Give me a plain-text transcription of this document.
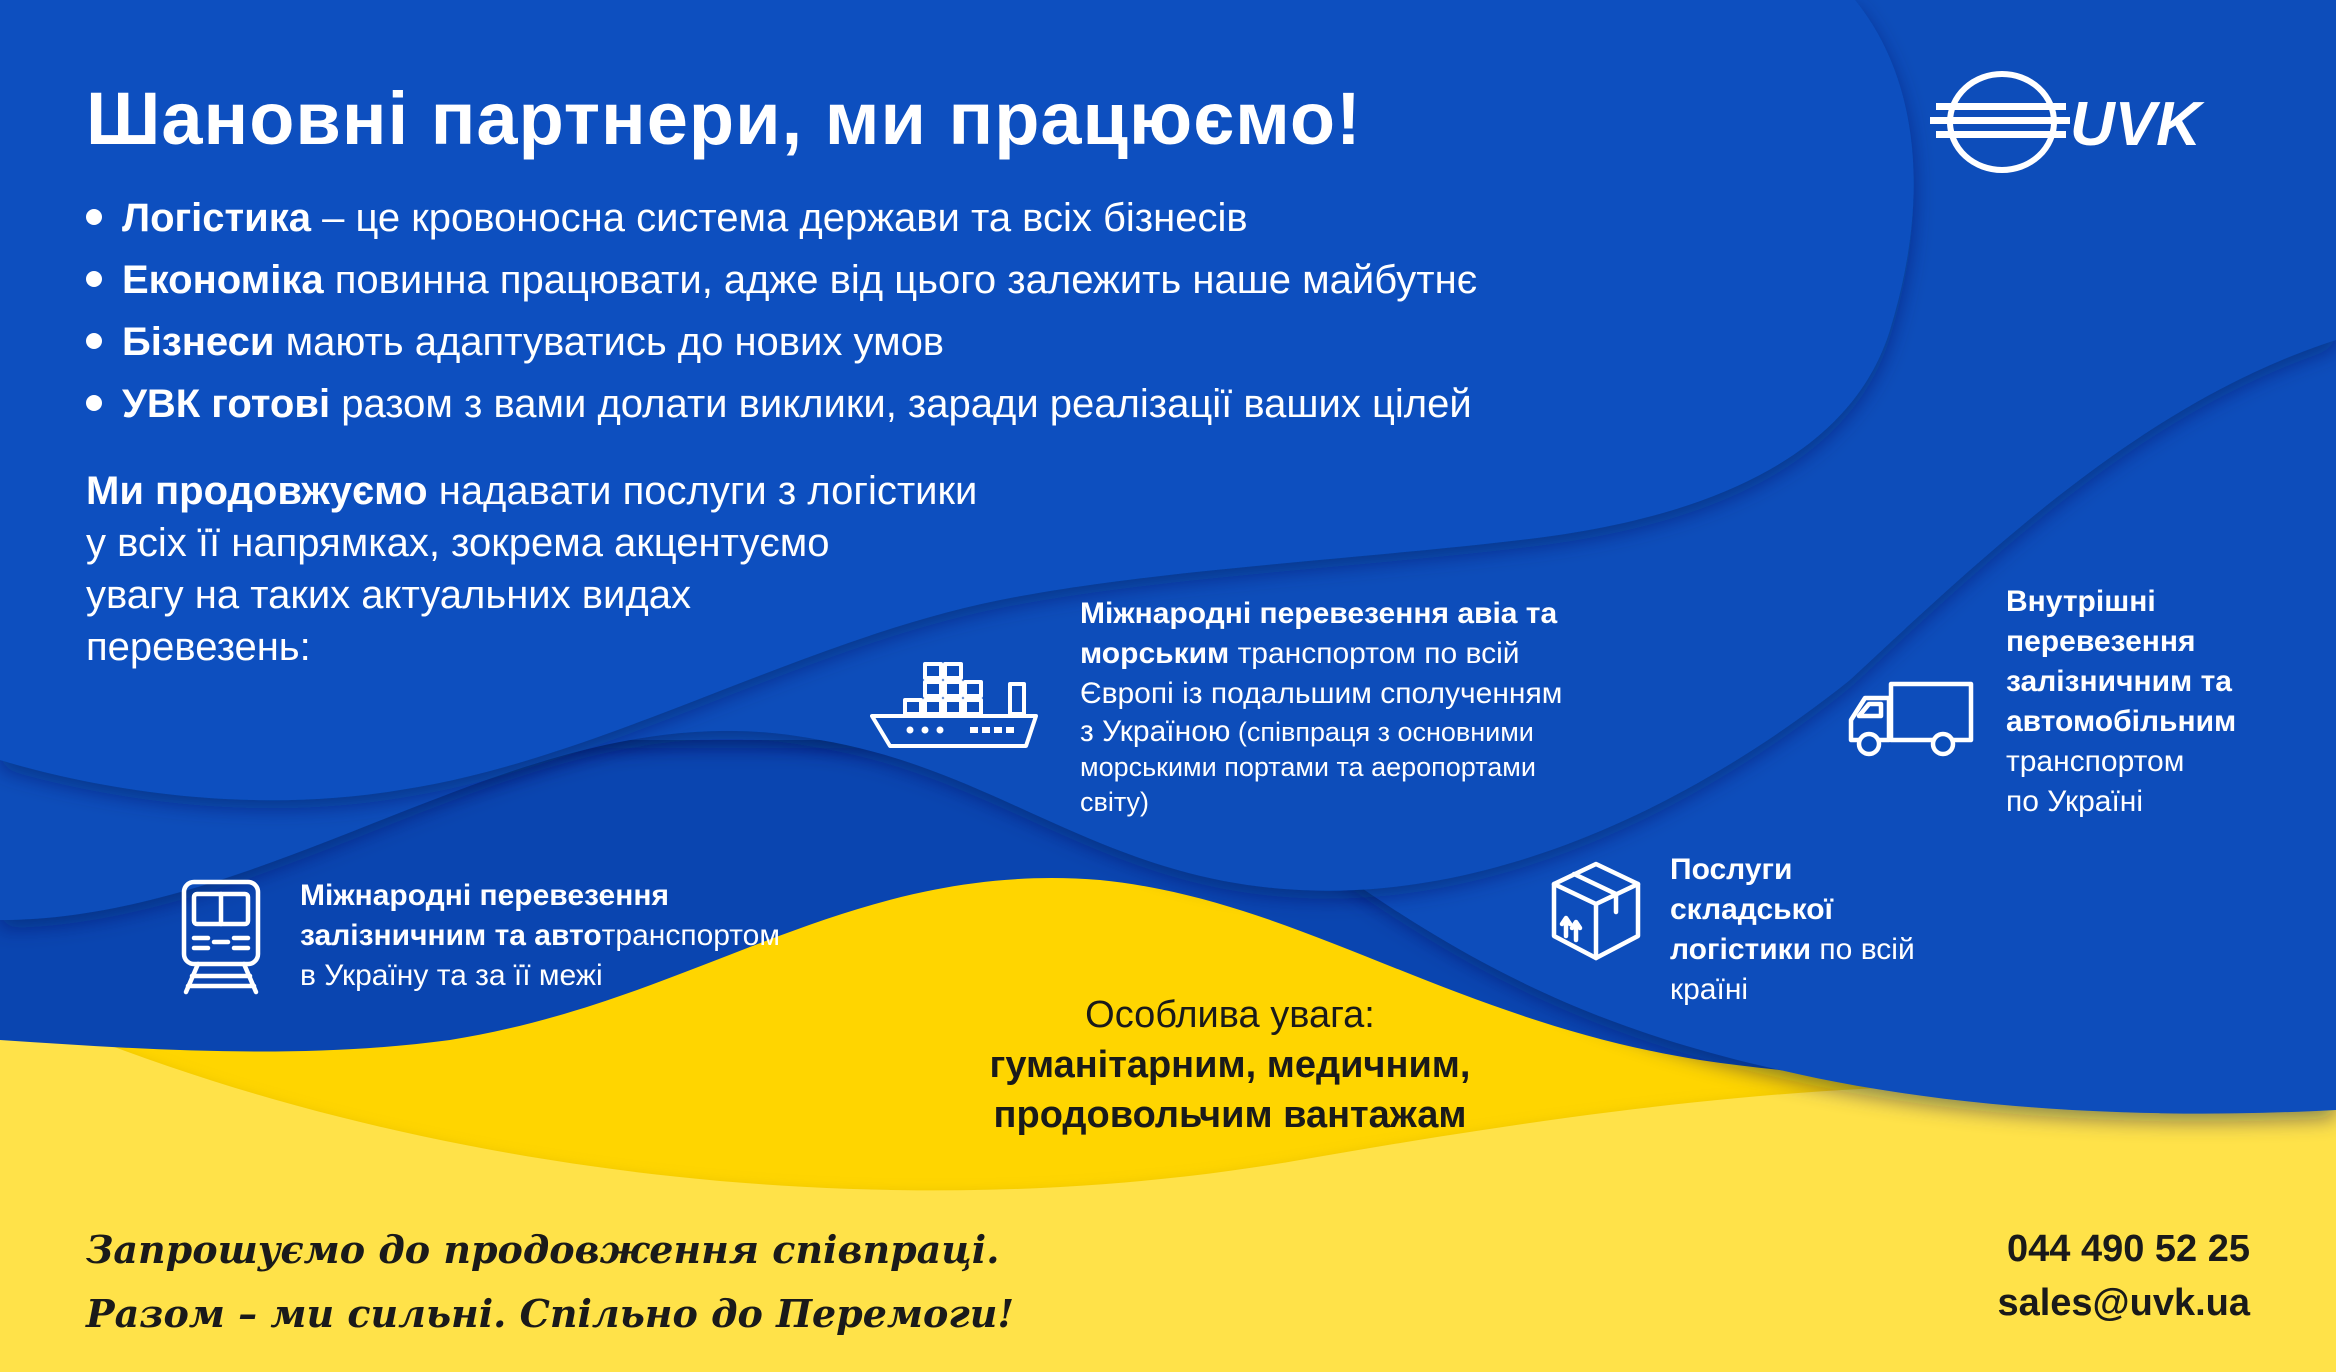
UVK
Шановні партнери, ми працюємо!
Логістика – це кровоносна система держави та всіх бізнесів
Економіка повинна працювати, адже від цього залежить наше майбутнє
Бізнеси мають адаптуватись до нових умов
УВК готові разом з вами долати виклики, заради реалізації ваших цілей
Ми продовжуємо надавати послуги з логістики
у всіх її напрямках, зокрема акцентуємо
увагу на таких актуальних видах
перевезень:
Міжнародні перевезення авіа та
морським транспортом по всій
Європі із подальшим сполученням
з Україною (співпраця з основними
морськими портами та аеропортами
світу)
Внутрішні
перевезення
залізничним та
автомобільним
транспортом
по Україні
Міжнародні перевезення
залізничним та автотранспортом
в Україну та за її межі
Послуги
складської
логістики по всій
країні
Особлива увага:
гуманітарним, медичним,
продовольчим вантажам
Запрошуємо до продовження співпраці.
Разом – ми сильні. Спільно до Перемоги!
044 490 52 25
sales@uvk.ua
